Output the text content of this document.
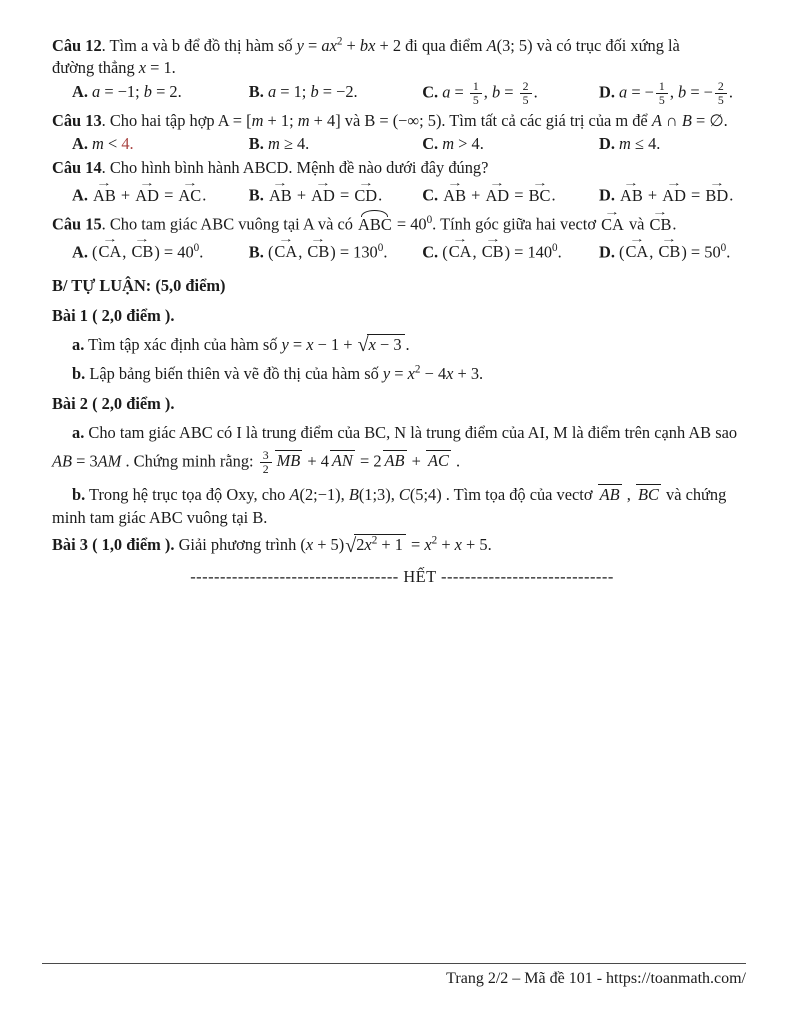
Câu 12. Tìm a và b để đồ thị hàm số $y = ax^2$ + bx + 2 đi qua điểm A(3; 5) và có trục đối xứng là
đường thẳng x = 1.
A. a = −1; b = 2.	B. a = 1; b = −2.	C. $a = \frac{1}{5}$ , $b = \frac{2}{5}$ .	D. a = − $\frac{1}{5}$ , b = − $\frac{2}{5}$ .
Câu 13. Cho hai tập hợp A = [m + 1; m + 4] và B = (−∞; 5). Tìm tất cả các giá trị của m để A ∩ B = ∅.
A. m < 4.	B. m ≥ 4.	C. m > 4.	D. m ≤ 4.
Câu 14. Cho hình bình hành ABCD. Mệnh đề nào dưới đây đúng?
A. → AB + → AD = → AC.	B. → AB + → AD = → CD.	C. → AB + → AD = → BC.	D. → AB + → AD = → BD.
Câu 15. Cho tam giác ABC vuông tại A và có ABC = $40^0$. Tính góc giữa hai vectơ → CA và → CB.
A. (→ CA, → $CB) = 40^0$.	B. (→ CA, → $CB) = 130^0$.	C. (→ CA, → $CB) = 140^0$.	D. (→ CA, → $CB) = 50^0$.
B/ TỰ LUẬN: (5,0 điểm)
Bài 1 ( 2,0 điểm ).
a. Tìm tập xác định của hàm số y = x − 1 + √x − 3 .
b. Lập bảng biến thiên và vẽ đồ thị của hàm số $y = x^2 - 4x + 3$.
Bài 2 ( 2,0 điểm ).
a. Cho tam giác ABC có I là trung điểm của BC, N là trung điểm của AI, M là điểm trên cạnh AB sao
AB = 3AM . Chứng minh rằng: $\frac{3}{2}$ MB + 4 AN = 2 AB + AC .
b. Trong hệ trục tọa độ Oxy, cho A(2;−1), B(1;3), C(5;4) . Tìm tọa độ của vectơ AB , BC và chứng
minh tam giác ABC vuông tại B.
Bài 3 ( 1,0 điểm ). Giải phương trình (x + 5) √ $2x^2 + 1 = x^2 + x + 5$.
----------------------------------- HẾT -----------------------------
Trang 2/2 – Mã đề 101 - https://toanmath.com/
